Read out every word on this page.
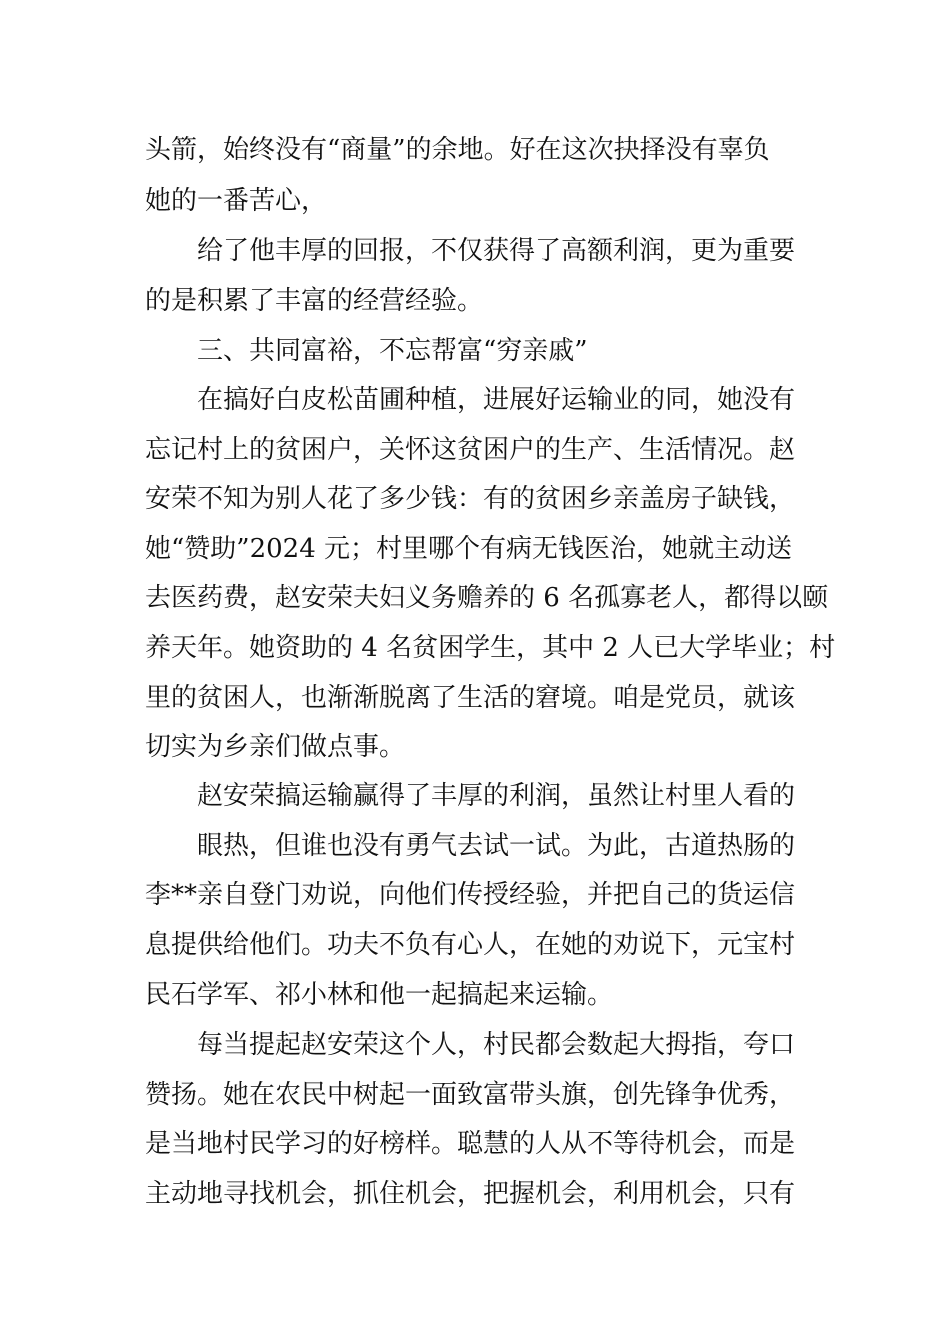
头箭，始终没有“商量”的余地。好在这次抉择没有辜负
她的一番苦心，
给了他丰厚的回报，不仅获得了高额利润，更为重要
的是积累了丰富的经营经验。
三、共同富裕，不忘帮富“穷亲戚”
在搞好白皮松苗圃种植，进展好运输业的同，她没有
忘记村上的贫困户，关怀这贫困户的生产、生活情况。赵
安荣不知为别人花了多少钱：有的贫困乡亲盖房子缺钱，
她“赞助”2024 元；村里哪个有病无钱医治，她就主动送
去医药费，赵安荣夫妇义务赡养的 6 名孤寡老人，都得以颐
养天年。她资助的 4 名贫困学生，其中 2 人已大学毕业；村
里的贫困人，也渐渐脱离了生活的窘境。咱是党员，就该
切实为乡亲们做点事。
赵安荣搞运输赢得了丰厚的利润，虽然让村里人看的
眼热，但谁也没有勇气去试一试。为此，古道热肠的
李**亲自登门劝说，向他们传授经验，并把自己的货运信
息提供给他们。功夫不负有心人，在她的劝说下，元宝村
民石学军、祁小林和他一起搞起来运输。
每当提起赵安荣这个人，村民都会数起大拇指，夸口
赞扬。她在农民中树起一面致富带头旗，创先锋争优秀，
是当地村民学习的好榜样。聪慧的人从不等待机会，而是
主动地寻找机会，抓住机会，把握机会，利用机会，只有
